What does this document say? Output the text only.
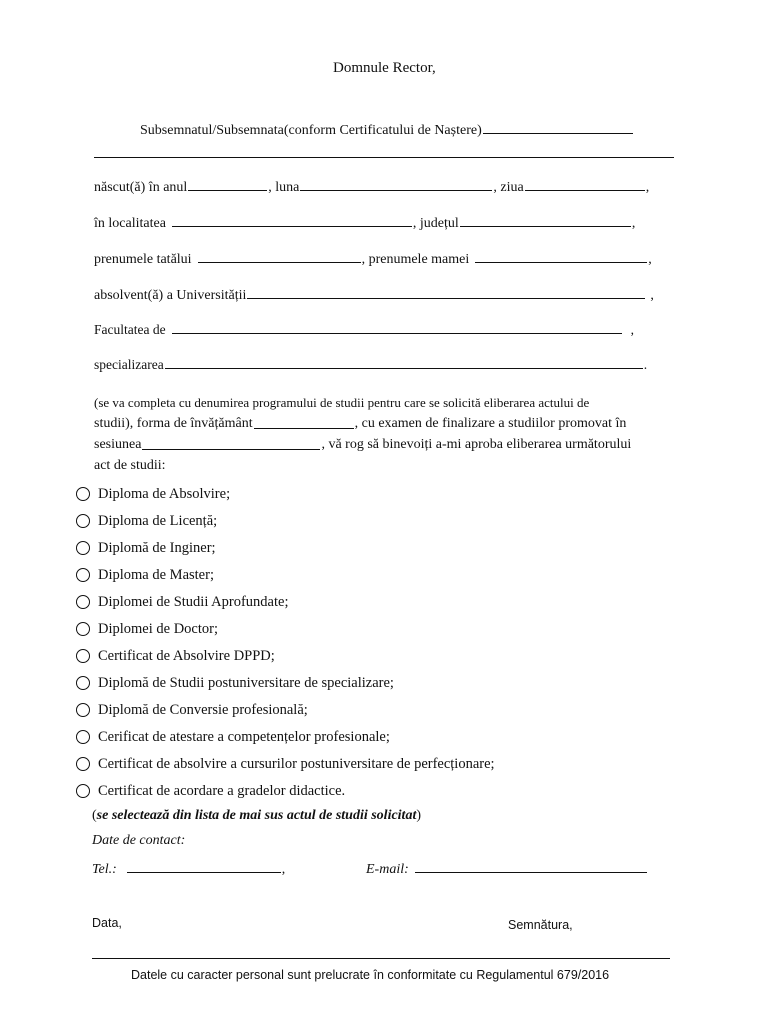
Domnule Rector,
Subsemnatul/Subsemnata(conform Certificatului de Naștere)
născut(ă) în anul	, luna	, ziua	,
în localitatea	, județul	,
prenumele tatălui	, prenumele mamei	,
absolvent(ă) a Universității	,
Facultatea de	,
specializarea	.
(se va completa cu denumirea programului de studii pentru care se solicită eliberarea actului de
studii), forma de învățământ	, cu examen de finalizare a studiilor promovat în
sesiunea	, vă rog să binevoiți a-mi aproba eliberarea următorului
act de studii:
Diploma de Absolvire;
Diploma de Licență;
Diplomă de Inginer;
Diploma de Master;
Diplomei de Studii Aprofundate;
Diplomei de Doctor;
Certificat de Absolvire DPPD;
Diplomă de Studii postuniversitare de specializare;
Diplomă de Conversie profesională;
Cerificat de atestare a competențelor profesionale;
Certificat de absolvire a cursurilor postuniversitare de perfecționare;
Certificat de acordare a gradelor didactice.
(se selectează din lista de mai sus actul de studii solicitat)
Date de contact:
Tel.:	,	E-mail:
Data,	Semnătura,
Datele cu caracter personal sunt prelucrate în conformitate cu Regulamentul 679/2016
